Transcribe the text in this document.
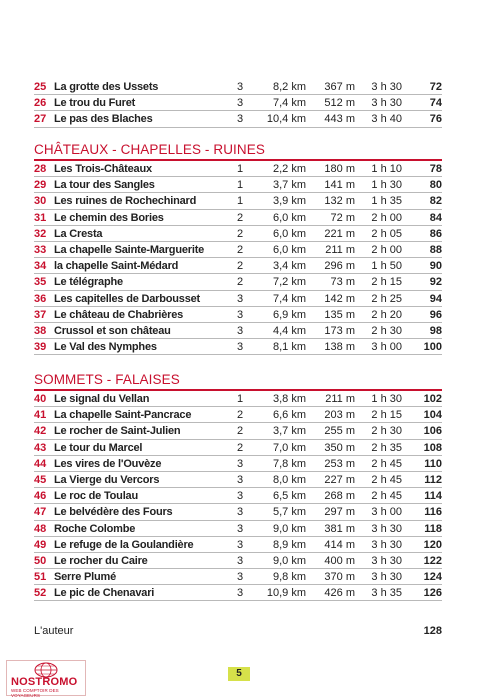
25 La grotte des Ussets	3	8,2 km	367 m	3 h 30	72
26 Le trou du Furet	3	7,4 km	512 m	3 h 30	74
27 Le pas des Blaches	3	10,4 km	443 m	3 h 40	76
CHÂTEAUX - CHAPELLES - RUINES
28 Les Trois-Châteaux	1	2,2 km	180 m	1 h 10	78
29 La tour des Sangles	1	3,7 km	141 m	1 h 30	80
30 Les ruines de Rochechinard	1	3,9 km	132 m	1 h 35	82
31 Le chemin des Bories	2	6,0 km	72 m	2 h 00	84
32 La Cresta	2	6,0 km	221 m	2 h 05	86
33 La chapelle Sainte-Marguerite	2	6,0 km	211 m	2 h 00	88
34 la chapelle Saint-Médard	2	3,4 km	296 m	1 h 50	90
35 Le télégraphe	2	7,2 km	73 m	2 h 15	92
36 Les capitelles de Darbousset	3	7,4 km	142 m	2 h 25	94
37 Le château de Chabrières	3	6,9 km	135 m	2 h 20	96
38 Crussol et son château	3	4,4 km	173 m	2 h 30	98
39 Le Val des Nymphes	3	8,1 km	138 m	3 h 00	100
SOMMETS - FALAISES
40 Le signal du Vellan	1	3,8 km	211 m	1 h 30	102
41 La chapelle Saint-Pancrace	2	6,6 km	203 m	2 h 15	104
42 Le rocher de Saint-Julien	2	3,7 km	255 m	2 h 30	106
43 Le tour du Marcel	2	7,0 km	350 m	2 h 35	108
44 Les vires de l'Ouvèze	3	7,8 km	253 m	2 h 45	110
45 La Vierge du Vercors	3	8,0 km	227 m	2 h 45	112
46 Le roc de Toulau	3	6,5 km	268 m	2 h 45	114
47 Le belvédère des Fours	3	5,7 km	297 m	3 h 00	116
48 Roche Colombe	3	9,0 km	381 m	3 h 30	118
49 Le refuge de la Goulandière	3	8,9 km	414 m	3 h 30	120
50 Le rocher du Caire	3	9,0 km	400 m	3 h 30	122
51 Serre Plumé	3	9,8 km	370 m	3 h 30	124
52 Le pic de Chenavari	3	10,9 km	426 m	3 h 35	126
L'auteur	128
5
NOSTROMO
WEB COMPTOIR DES VOYAGEURS
